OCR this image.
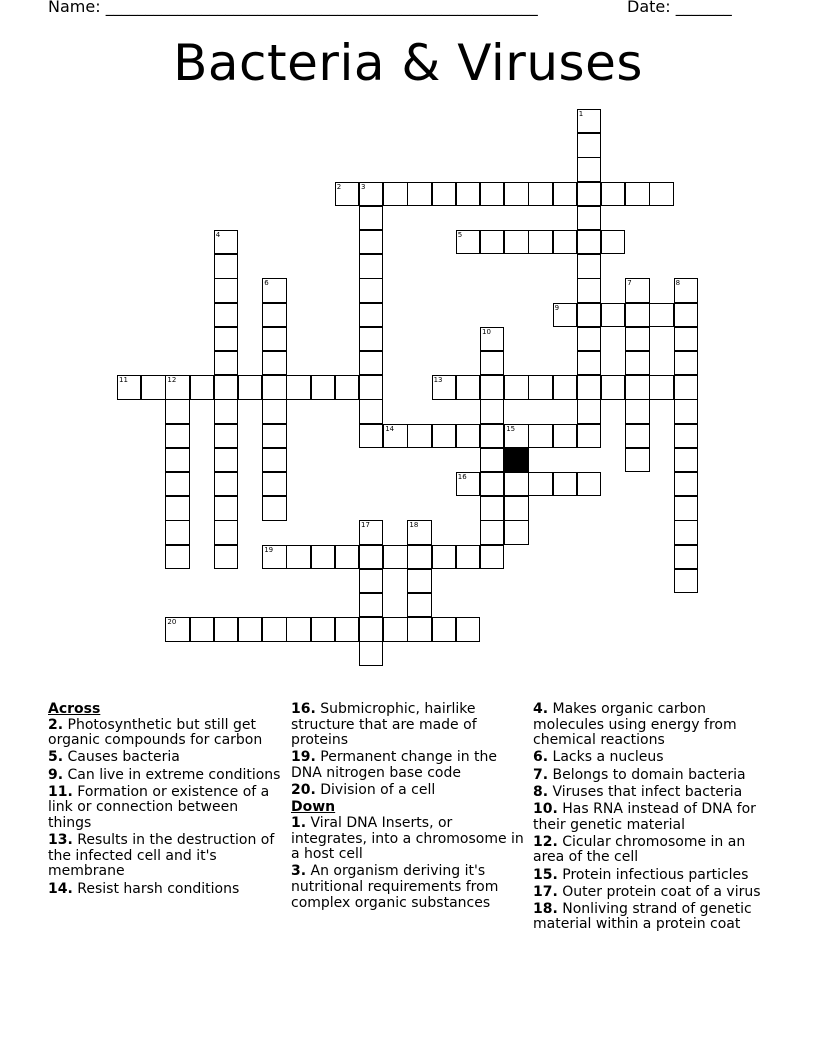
Name: ______________________________________________________	Date: _______
Bacteria & Viruses
1
2	3
4	5
6	7	8
9
10
11	12	13
14	15
16
17	18
19
20
Across
2. Photosynthetic but still get organic compounds for carbon
5. Causes bacteria
9. Can live in extreme conditions
11. Formation or existence of a link or connection between things
13. Results in the destruction of the infected cell and it's membrane
14. Resist harsh conditions
16. Submicrophic, hairlike structure that are made of proteins
19. Permanent change in the DNA nitrogen base code
20. Division of a cell
Down
1. Viral DNA Inserts, or integrates, into a chromosome in a host cell
3. An organism deriving it's nutritional requirements from complex organic substances
4. Makes organic carbon molecules using energy from chemical reactions
6. Lacks a nucleus
7. Belongs to domain bacteria
8. Viruses that infect bacteria
10. Has RNA instead of DNA for their genetic material
12. Cicular chromosome in an area of the cell
15. Protein infectious particles
17. Outer protein coat of a virus
18. Nonliving strand of genetic material within a protein coat
